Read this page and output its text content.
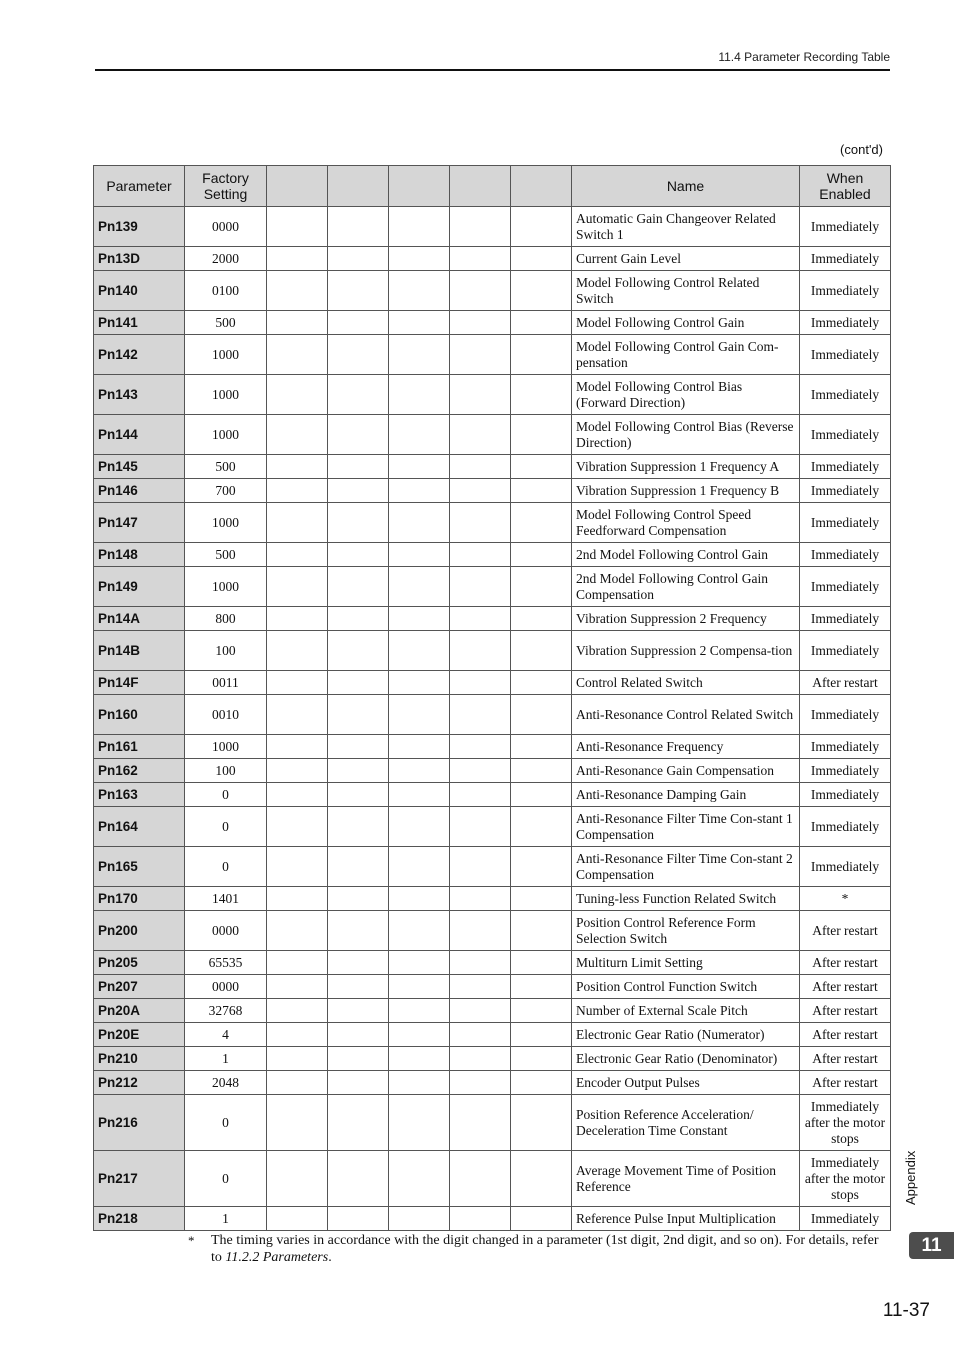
11.4 Parameter Recording Table
(cont'd)
Parameter	Factory Setting						Name	When Enabled
Pn139	0000						Automatic Gain Changeover Related Switch 1	Immediately
Pn13D	2000						Current Gain Level	Immediately
Pn140	0100						Model Following Control Related Switch	Immediately
Pn141	500						Model Following Control Gain	Immediately
Pn142	1000						Model Following Control Gain Com-pensation	Immediately
Pn143	1000						Model Following Control Bias (Forward Direction)	Immediately
Pn144	1000						Model Following Control Bias (Reverse Direction)	Immediately
Pn145	500						Vibration Suppression 1 Frequency A	Immediately
Pn146	700						Vibration Suppression 1 Frequency B	Immediately
Pn147	1000						Model Following Control Speed Feedforward Compensation	Immediately
Pn148	500						2nd Model Following Control Gain	Immediately
Pn149	1000						2nd Model Following Control Gain Compensation	Immediately
Pn14A	800						Vibration Suppression 2 Frequency	Immediately
Pn14B	100						Vibration Suppression 2 Compensa-tion	Immediately
Pn14F	0011						Control Related Switch	After restart
Pn160	0010						Anti-Resonance Control Related Switch	Immediately
Pn161	1000						Anti-Resonance Frequency	Immediately
Pn162	100						Anti-Resonance Gain Compensation	Immediately
Pn163	0						Anti-Resonance Damping Gain	Immediately
Pn164	0						Anti-Resonance Filter Time Con-stant 1 Compensation	Immediately
Pn165	0						Anti-Resonance Filter Time Con-stant 2 Compensation	Immediately
Pn170	1401						Tuning-less Function Related Switch	*
Pn200	0000						Position Control Reference Form Selection Switch	After restart
Pn205	65535						Multiturn Limit Setting	After restart
Pn207	0000						Position Control Function Switch	After restart
Pn20A	32768						Number of External Scale Pitch	After restart
Pn20E	4						Electronic Gear Ratio (Numerator)	After restart
Pn210	1						Electronic Gear Ratio (Denominator)	After restart
Pn212	2048						Encoder Output Pulses	After restart
Pn216	0						Position Reference Acceleration/ Deceleration Time Constant	Immediately after the motor stops
Pn217	0						Average Movement Time of Position Reference	Immediately after the motor stops
Pn218	1						Reference Pulse Input Multiplication	Immediately
* The timing varies in accordance with the digit changed in a parameter (1st digit, 2nd digit, and so on). For details, refer to 11.2.2 Parameters.
Appendix
11
11-37
